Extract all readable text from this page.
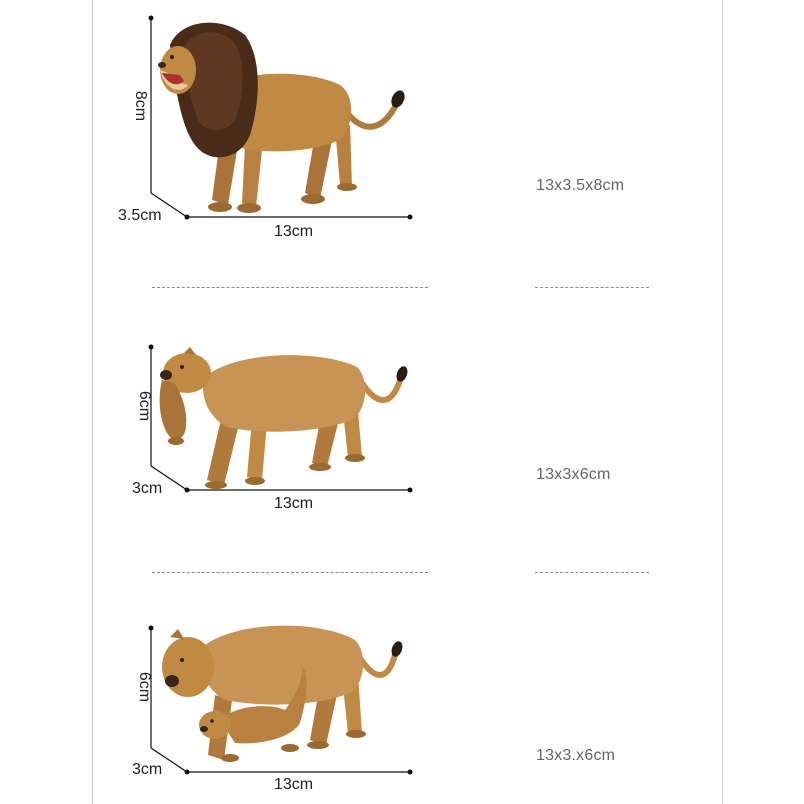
8cm
3.5cm
13cm
13x3.5x8cm
6cm
3cm
13cm
13x3x6cm
6cm
3cm
13cm
13x3.x6cm
